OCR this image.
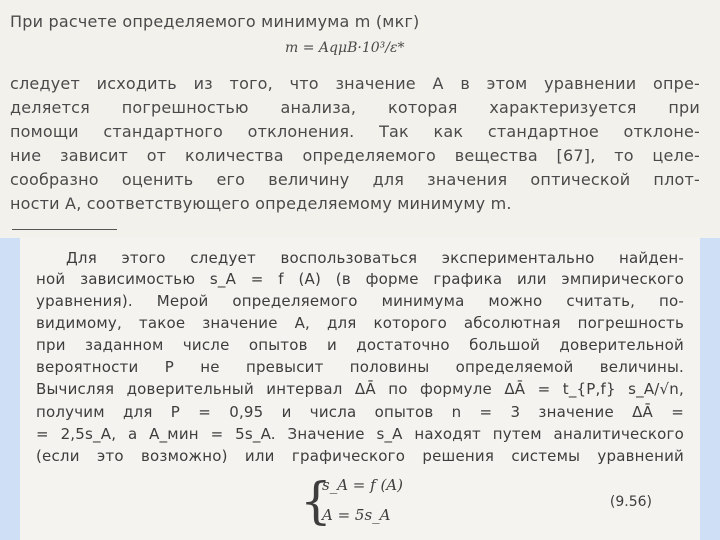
При расчете определяемого минимума m (мкг)
m = AqμB·10³/ε*
следует исходить из того, что значение A в этом уравнении опре-
деляется погрешностью анализа, которая характеризуется при
помощи стандартного отклонения. Так как стандартное отклоне-
ние зависит от количества определяемого вещества [67], то целе-
сообразно оценить его величину для значения оптической плот-
ности A, соответствующего определяемому минимуму m.
Для этого следует воспользоваться экспериментально найден-
ной зависимостью s_A = f (A) (в форме графика или эмпирического
уравнения). Мерой определяемого минимума можно считать, по-
видимому, такое значение A, для которого абсолютная погрешность
при заданном числе опытов и достаточно большой доверительной
вероятности P не превысит половины определяемой величины.
Вычисляя доверительный интервал ΔĀ по формуле ΔĀ = t_{P,f} s_A/√n,
получим для P = 0,95 и числа опытов n = 3 значение ΔĀ =
= 2,5s_A, а A_мин = 5s_A. Значение s_A находят путем аналитического
(если это возможно) или графического решения системы уравнений
{
s_A = f (A)
A = 5s_A
(9.56)
